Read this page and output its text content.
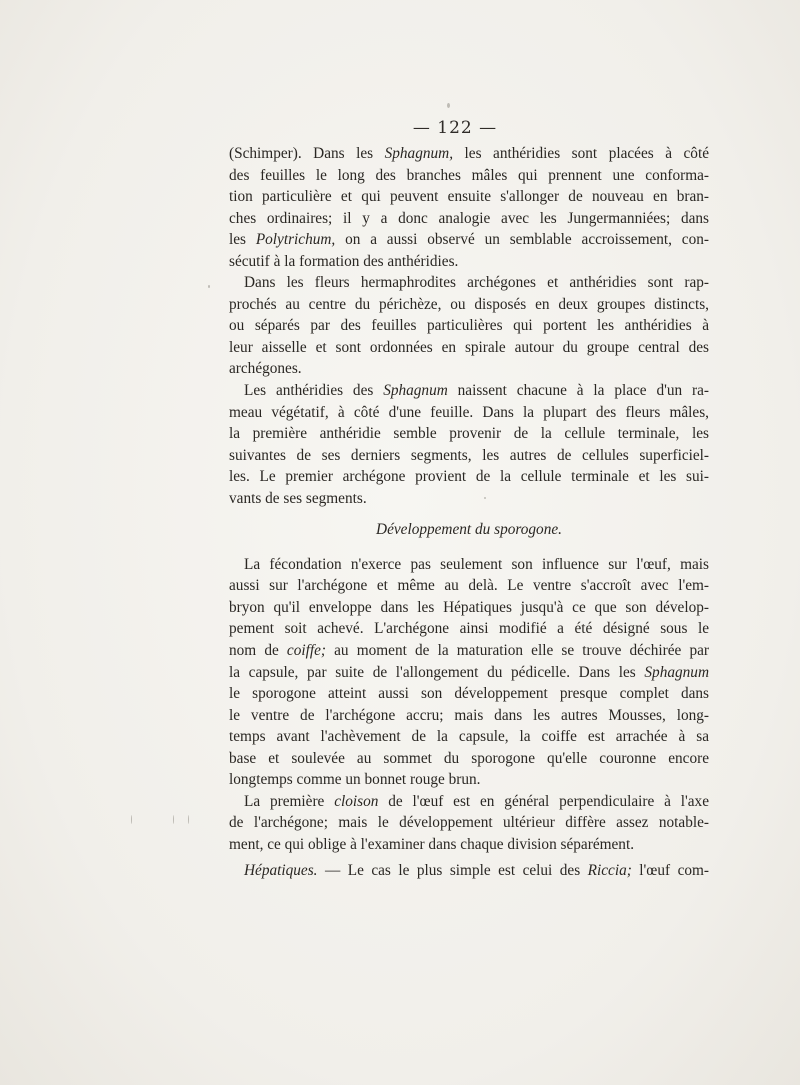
— 122 —
(Schimper). Dans les Sphagnum, les anthéridies sont placées à côté
des feuilles le long des branches mâles qui prennent une conforma-
tion particulière et qui peuvent ensuite s'allonger de nouveau en bran-
ches ordinaires; il y a donc analogie avec les Jungermanniées; dans
les Polytrichum, on a aussi observé un semblable accroissement, con-
sécutif à la formation des anthéridies.
Dans les fleurs hermaphrodites archégones et anthéridies sont rap-
prochés au centre du périchèze, ou disposés en deux groupes distincts,
ou séparés par des feuilles particulières qui portent les anthéridies à
leur aisselle et sont ordonnées en spirale autour du groupe central des
archégones.
Les anthéridies des Sphagnum naissent chacune à la place d'un ra-
meau végétatif, à côté d'une feuille. Dans la plupart des fleurs mâles,
la première anthéridie semble provenir de la cellule terminale, les
suivantes de ses derniers segments, les autres de cellules superficiel-
les. Le premier archégone provient de la cellule terminale et les sui-
vants de ses segments.
Développement du sporogone.
La fécondation n'exerce pas seulement son influence sur l'œuf, mais
aussi sur l'archégone et même au delà. Le ventre s'accroît avec l'em-
bryon qu'il enveloppe dans les Hépatiques jusqu'à ce que son dévelop-
pement soit achevé. L'archégone ainsi modifié a été désigné sous le
nom de coiffe; au moment de la maturation elle se trouve déchirée par
la capsule, par suite de l'allongement du pédicelle. Dans les Sphagnum
le sporogone atteint aussi son développement presque complet dans
le ventre de l'archégone accru; mais dans les autres Mousses, long-
temps avant l'achèvement de la capsule, la coiffe est arrachée à sa
base et soulevée au sommet du sporogone qu'elle couronne encore
longtemps comme un bonnet rouge brun.
La première cloison de l'œuf est en général perpendiculaire à l'axe
de l'archégone; mais le développement ultérieur diffère assez notable-
ment, ce qui oblige à l'examiner dans chaque division séparément.
Hépatiques. — Le cas le plus simple est celui des Riccia; l'œuf com-
